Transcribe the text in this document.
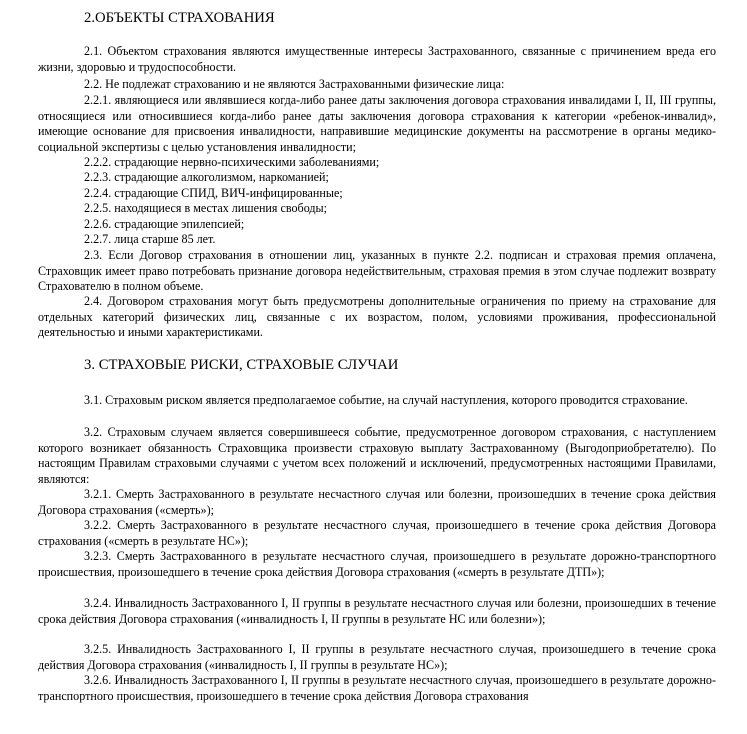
2.ОБЪЕКТЫ СТРАХОВАНИЯ

2.1. Объектом страхования являются имущественные интересы Застрахованного, связанные с причинением вреда его жизни, здоровью и трудоспособности.

2.2. Не подлежат страхованию и не являются Застрахованными физические лица:

2.2.1. являющиеся или являвшиеся когда-либо ранее даты заключения договора страхования инвалидами I, II, III группы, относящиеся или относившиеся когда-либо ранее даты заключения договора страхования к категории «ребенок-инвалид», имеющие основание для присвоения инвалидности, направившие медицинские документы на рассмотрение в органы медико-социальной экспертизы с целью установления инвалидности;

2.2.2. страдающие нервно-психическими заболеваниями;

2.2.3. страдающие алкоголизмом, наркоманией;

2.2.4. страдающие СПИД, ВИЧ-инфицированные;

2.2.5. находящиеся в местах лишения свободы;

2.2.6. страдающие эпилепсией;

2.2.7. лица старше 85 лет.

2.3. Если Договор страхования в отношении лиц, указанных в пункте 2.2. подписан и страховая премия оплачена, Страховщик имеет право потребовать признание договора недействительным, страховая премия в этом случае подлежит возврату Страхователю в полном объеме.

2.4. Договором страхования могут быть предусмотрены дополнительные ограничения по приему на страхование для отдельных категорий физических лиц, связанные с их возрастом, полом, условиями проживания, профессиональной деятельностью и иными характеристиками.

3. СТРАХОВЫЕ РИСКИ, СТРАХОВЫЕ СЛУЧАИ

3.1. Страховым риском является предполагаемое событие, на случай наступления, которого проводится страхование.

3.2. Страховым случаем является совершившееся событие, предусмотренное договором страхования, с наступлением которого возникает обязанность Страховщика произвести страховую выплату Застрахованному (Выгодоприобретателю). По настоящим Правилам страховыми случаями с учетом всех положений и исключений, предусмотренных настоящими Правилами, являются:

3.2.1. Смерть Застрахованного в результате несчастного случая или болезни, произошедших в течение срока действия Договора страхования («смерть»);

3.2.2. Смерть Застрахованного в результате несчастного случая, произошедшего в течение срока действия Договора страхования («смерть в результате НС»);

3.2.3. Смерть Застрахованного в результате несчастного случая, произошедшего в результате дорожно-транспортного происшествия, произошедшего в течение срока действия Договора страхования («смерть в результате ДТП»);

3.2.4. Инвалидность Застрахованного I, II группы в результате несчастного случая или болезни, произошедших в течение срока действия Договора страхования («инвалидность I, II группы в результате НС или болезни»);

3.2.5. Инвалидность Застрахованного I, II группы в результате несчастного случая, произошедшего в течение срока действия Договора страхования («инвалидность I, II группы в результате НС»);

3.2.6. Инвалидность Застрахованного I, II группы в результате несчастного случая, произошедшего в результате дорожно-транспортного происшествия, произошедшего в течение срока действия Договора страхования
